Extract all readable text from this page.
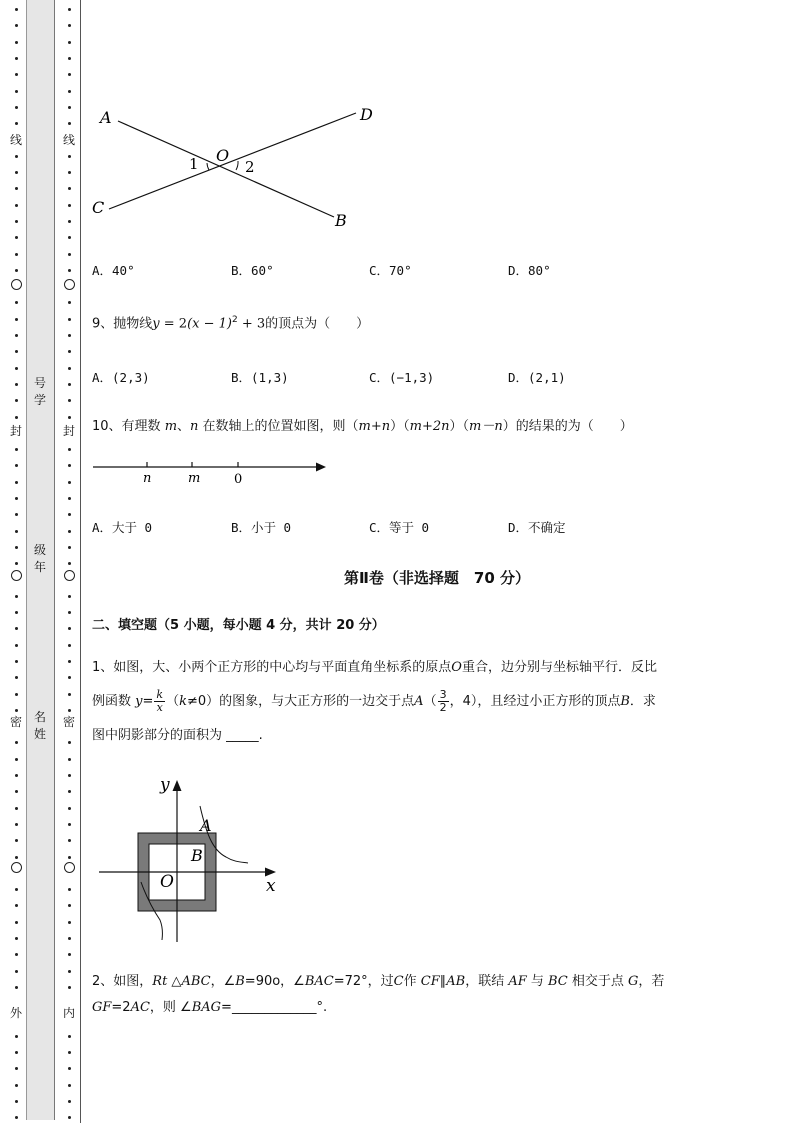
线
封
密
外
线
封
密
内
号
学
级
年
名
姓
A	D
C
B
O
1	2
A．40°	B．60°	C．70°	D．80°
9、抛物线$y = 2(x - 1)^2 + 3$的顶点为（　　）
A．(2,3)	B．(1,3)	C．(−1,3)	D．(2,1)
10、有理数 m、n 在数轴上的位置如图，则（m+n）（m+2n）（m－n）的结果的为（　　）
n	m	0
A．大于 0	B．小于 0	C．等于 0	D．不确定
第Ⅱ卷（非选择题　70 分）
二、填空题（5 小题，每小题 4 分，共计 20 分）
1、如图，大、小两个正方形的中心均与平面直角坐标系的原点O重合，边分别与坐标轴平行．反比
例函数 $y= \frac{k}{x} (k\ne 0)$的图象，与大正方形的一边交于点$A( \frac{3}{2}$ ，4），且经过小正方形的顶点B．求
图中阴影部分的面积为 _____.
y
x
A
B
O
2、如图，Rt △ABC，∠B=90o，∠BAC=72°，过C作 CF∥AB，联结 AF 与 BC 相交于点 G，若
GF=2AC，则 ∠BAG=_____________°.
